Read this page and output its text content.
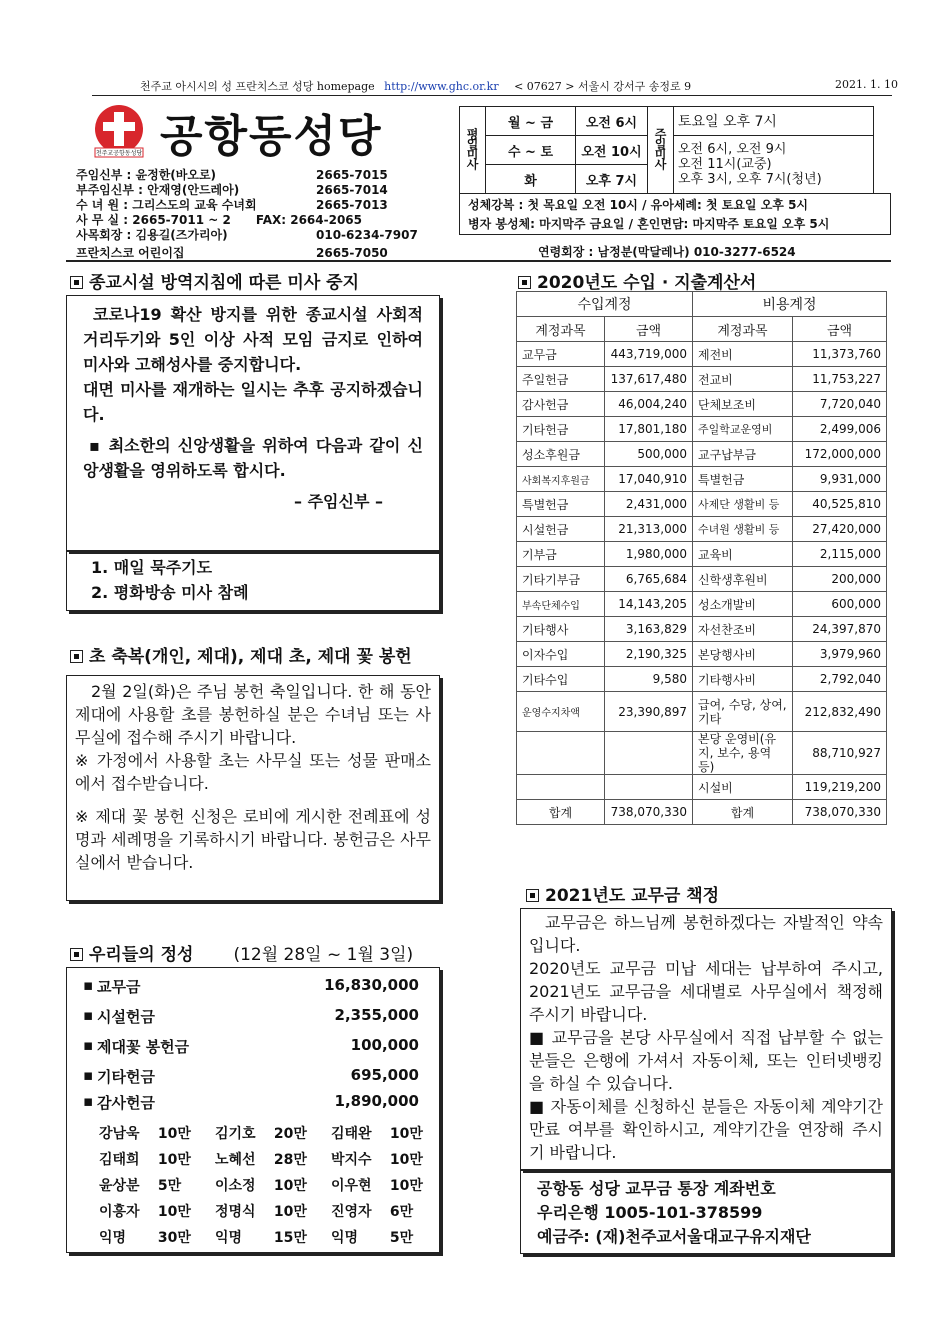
천주교 아시시의 성 프란치스코 성당 homepage http://www.ghc.or.kr < 07627 > 서울시 강서구 송정로 9	2021. 1. 10
천주교공항동성당 공항동성당
주임신부 : 윤정한(바오로)	2665-7015
부주임신부 : 안재영(안드레아)	2665-7014
수 녀 원 : 그리스도의 교육 수녀회	2665-7013
사 무 실 : 2665-7011 ~ 2      FAX: 2664-2065
사목회장 : 김용길(즈가리아)	010-6234-7907
프란치스코 어린이집	2665-7050
평일미사	월 ~ 금	오전 6시	주일미사	토요일 오후 7시
	수 ~ 토	오전 10시		오전 6시, 오전 9시
오전 11시(교중)
오후 3시, 오후 7시(청년)

	화	오후 7시		
성체강복 : 첫 목요일 오전 10시 / 유아세례: 첫 토요일 오후 5시
병자 봉성체: 마지막주 금요일 / 혼인면담: 마지막주 토요일 오후 5시
연령회장 : 남정분(막달레나) 010-3277-6524
종교시설 방역지침에 따른 미사 중지

코로나19 확산 방지를 위한 종교시설 사회적 거리두기와 5인 이상 사적 모임 금지로 인하여 미사와 고해성사를 중지합니다.

대면 미사를 재개하는 일시는 추후 공지하겠습니다.

▪ 최소한의 신앙생활을 위하여 다음과 같이 신앙생활을 영위하도록 합시다.

– 주임신부 –

1. 매일 묵주기도
2. 평화방송 미사 참례
초 축복(개인, 제대), 제대 초, 제대 꽃 봉헌

2월 2일(화)은 주님 봉헌 축일입니다. 한 해 동안 제대에 사용할 초를 봉헌하실 분은 수녀님 또는 사무실에 접수해 주시기 바랍니다.

※ 가정에서 사용할 초는 사무실 또는 성물 판매소에서 접수받습니다.

※ 제대 꽃 봉헌 신청은 로비에 게시한 전례표에 성명과 세례명을 기록하시기 바랍니다. 봉헌금은 사무실에서 받습니다.

우리들의 정성 (12월 28일 ~ 1월 3일)
▪ 교무금	16,830,000
▪ 시설헌금	2,355,000
▪ 제대꽃 봉헌금	100,000
▪ 기타헌금	695,000
▪ 감사헌금	1,890,000
강남욱	10만	김기호	20만	김태완	10만
김태희	10만	노혜선	28만	박지수	10만
윤상분	5만	이소정	10만	이우현	10만
이흥자	10만	정명식	10만	진영자	6만
익명	30만	익명	15만	익명	5만
2020년도 수입 · 지출계산서
수입계정		비용계정	
계정과목	금액	계정과목	금액
교무금	443,719,000	제전비	11,373,760
주일헌금	137,617,480	전교비	11,753,227
감사헌금	46,004,240	단체보조비	7,720,040
기타헌금	17,801,180	주일학교운영비	2,499,006
성소후원금	500,000	교구납부금	172,000,000
사회복지후원금	17,040,910	특별헌금	9,931,000
특별헌금	2,431,000	사제단 생활비 등	40,525,810
시설헌금	21,313,000	수녀원 생활비 등	27,420,000
기부금	1,980,000	교육비	2,115,000
기타기부금	6,765,684	신학생후원비	200,000
부속단체수입	14,143,205	성소개발비	600,000
기타행사	3,163,829	자선찬조비	24,397,870
이자수입	2,190,325	본당행사비	3,979,960
기타수입	9,580	기타행사비	2,792,040
운영수지차액	23,390,897	급여, 수당, 상여, 기타	212,832,490
		본당 운영비(유지, 보수, 용역 등)	88,710,927
		시설비	119,219,200
합계	738,070,330	합계	738,070,330
2021년도 교무금 책정

교무금은 하느님께 봉헌하겠다는 자발적인 약속입니다.

2020년도 교무금 미납 세대는 납부하여 주시고, 2021년도 교무금을 세대별로 사무실에서 책정해 주시기 바랍니다.

■ 교무금을 본당 사무실에서 직접 납부할 수 없는 분들은 은행에 가셔서 자동이체, 또는 인터넷뱅킹을 하실 수 있습니다.

■ 자동이체를 신청하신 분들은 자동이체 계약기간 만료 여부를 확인하시고, 계약기간을 연장해 주시기 바랍니다.

공항동 성당 교무금 통장 계좌번호
우리은행 1005-101-378599
예금주: (재)천주교서울대교구유지재단
